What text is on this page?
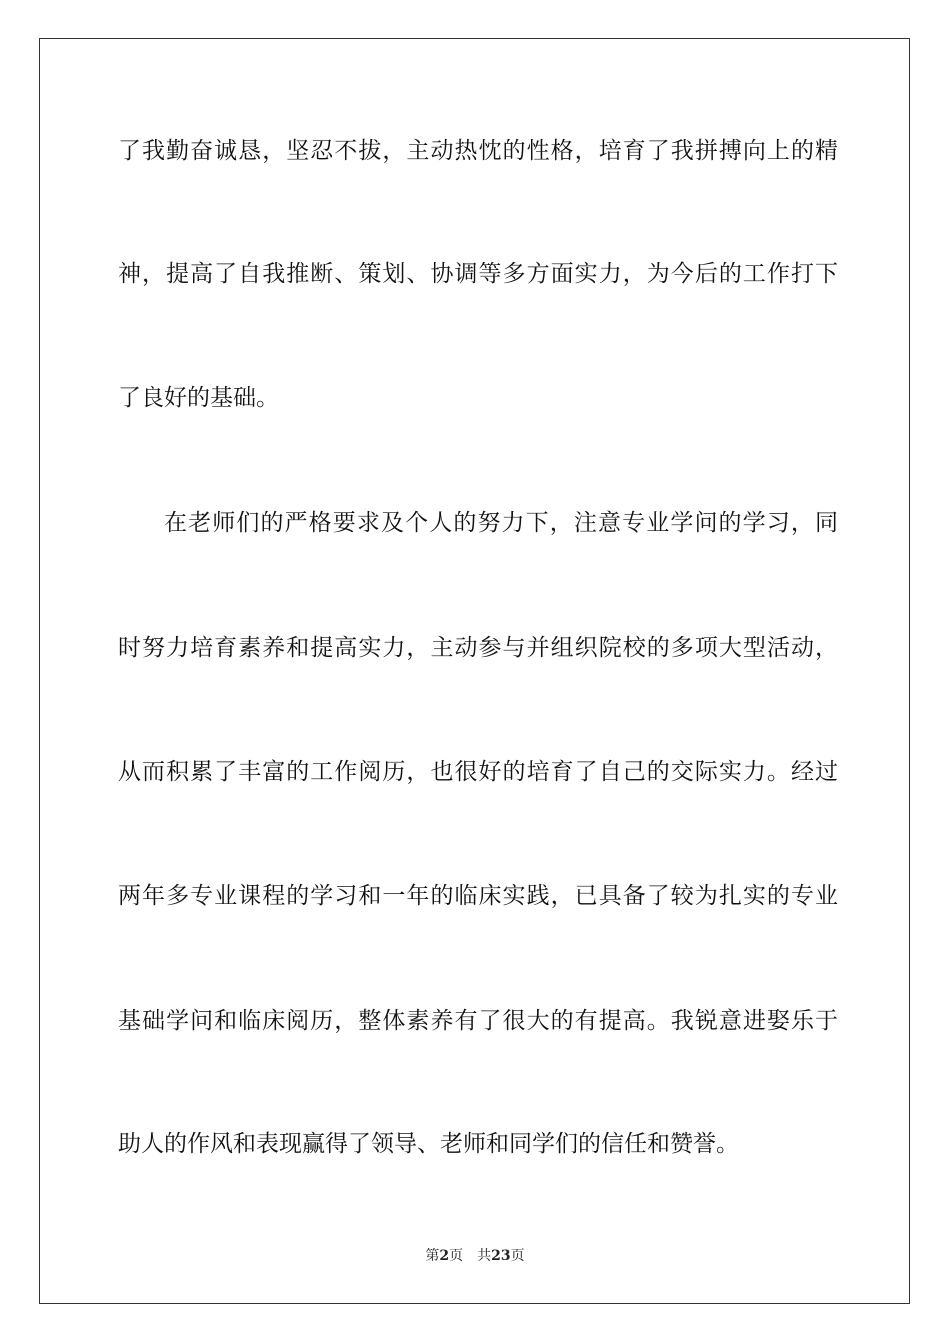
了我勤奋诚恳，坚忍不拔，主动热忱的性格，培育了我拼搏向上的精
神，提高了自我推断、策划、协调等多方面实力，为今后的工作打下
了良好的基础。
在老师们的严格要求及个人的努力下，注意专业学问的学习，同
时努力培育素养和提高实力，主动参与并组织院校的多项大型活动，
从而积累了丰富的工作阅历，也很好的培育了自己的交际实力。经过
两年多专业课程的学习和一年的临床实践，已具备了较为扎实的专业
基础学问和临床阅历，整体素养有了很大的有提高。我锐意进娶乐于
助人的作风和表现赢得了领导、老师和同学们的信任和赞誉。
第2页 共23页
